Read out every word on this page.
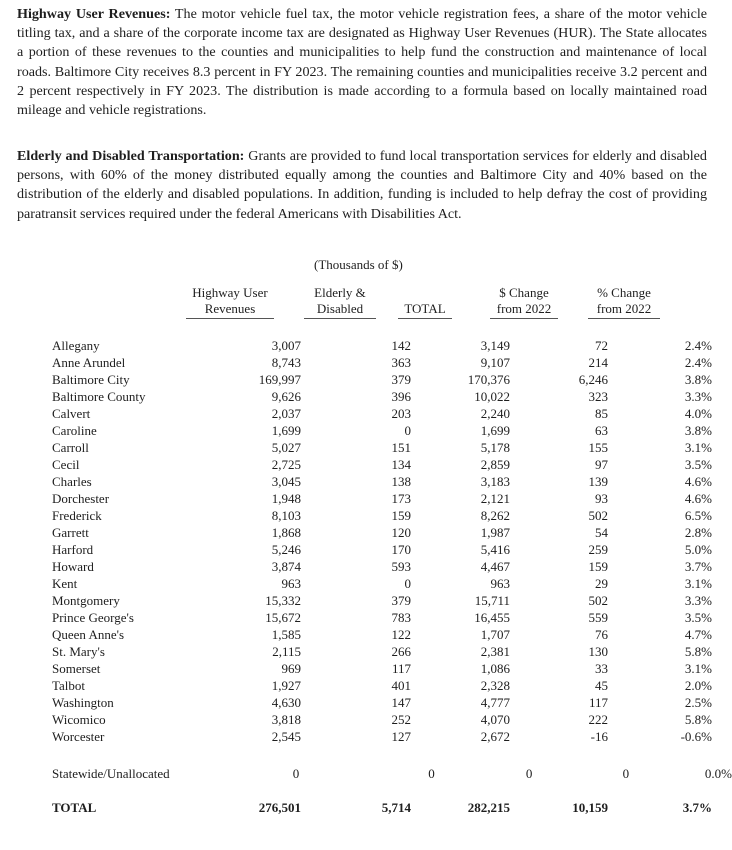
Highway User Revenues: The motor vehicle fuel tax, the motor vehicle registration fees, a share of the motor vehicle titling tax, and a share of the corporate income tax are designated as Highway User Revenues (HUR). The State allocates a portion of these revenues to the counties and municipalities to help fund the construction and maintenance of local roads. Baltimore City receives 8.3 percent in FY 2023. The remaining counties and municipalities receive 3.2 percent and 2 percent respectively in FY 2023. The distribution is made according to a formula based on locally maintained road mileage and vehicle registrations.

Elderly and Disabled Transportation: Grants are provided to fund local transportation services for elderly and disabled persons, with 60% of the money distributed equally among the counties and Baltimore City and 40% based on the distribution of the elderly and disabled populations. In addition, funding is included to help defray the cost of providing paratransit services required under the federal Americans with Disabilities Act.

(Thousands of $)
Highway User
Revenues
Elderly &
Disabled	TOTAL
$ Change
from 2022
% Change
from 2022
Allegany	3,007	142	3,149	72	2.4%
Anne Arundel	8,743	363	9,107	214	2.4%
Baltimore City	169,997	379	170,376	6,246	3.8%
Baltimore County	9,626	396	10,022	323	3.3%
Calvert	2,037	203	2,240	85	4.0%
Caroline	1,699	0	1,699	63	3.8%
Carroll	5,027	151	5,178	155	3.1%
Cecil	2,725	134	2,859	97	3.5%
Charles	3,045	138	3,183	139	4.6%
Dorchester	1,948	173	2,121	93	4.6%
Frederick	8,103	159	8,262	502	6.5%
Garrett	1,868	120	1,987	54	2.8%
Harford	5,246	170	5,416	259	5.0%
Howard	3,874	593	4,467	159	3.7%
Kent	963	0	963	29	3.1%
Montgomery	15,332	379	15,711	502	3.3%
Prince George's	15,672	783	16,455	559	3.5%
Queen Anne's	1,585	122	1,707	76	4.7%
St. Mary's	2,115	266	2,381	130	5.8%
Somerset	969	117	1,086	33	3.1%
Talbot	1,927	401	2,328	45	2.0%
Washington	4,630	147	4,777	117	2.5%
Wicomico	3,818	252	4,070	222	5.8%
Worcester	2,545	127	2,672	-16	-0.6%
Statewide/Unallocated	0	0	0	0	0.0%
TOTAL	276,501	5,714	282,215	10,159	3.7%
